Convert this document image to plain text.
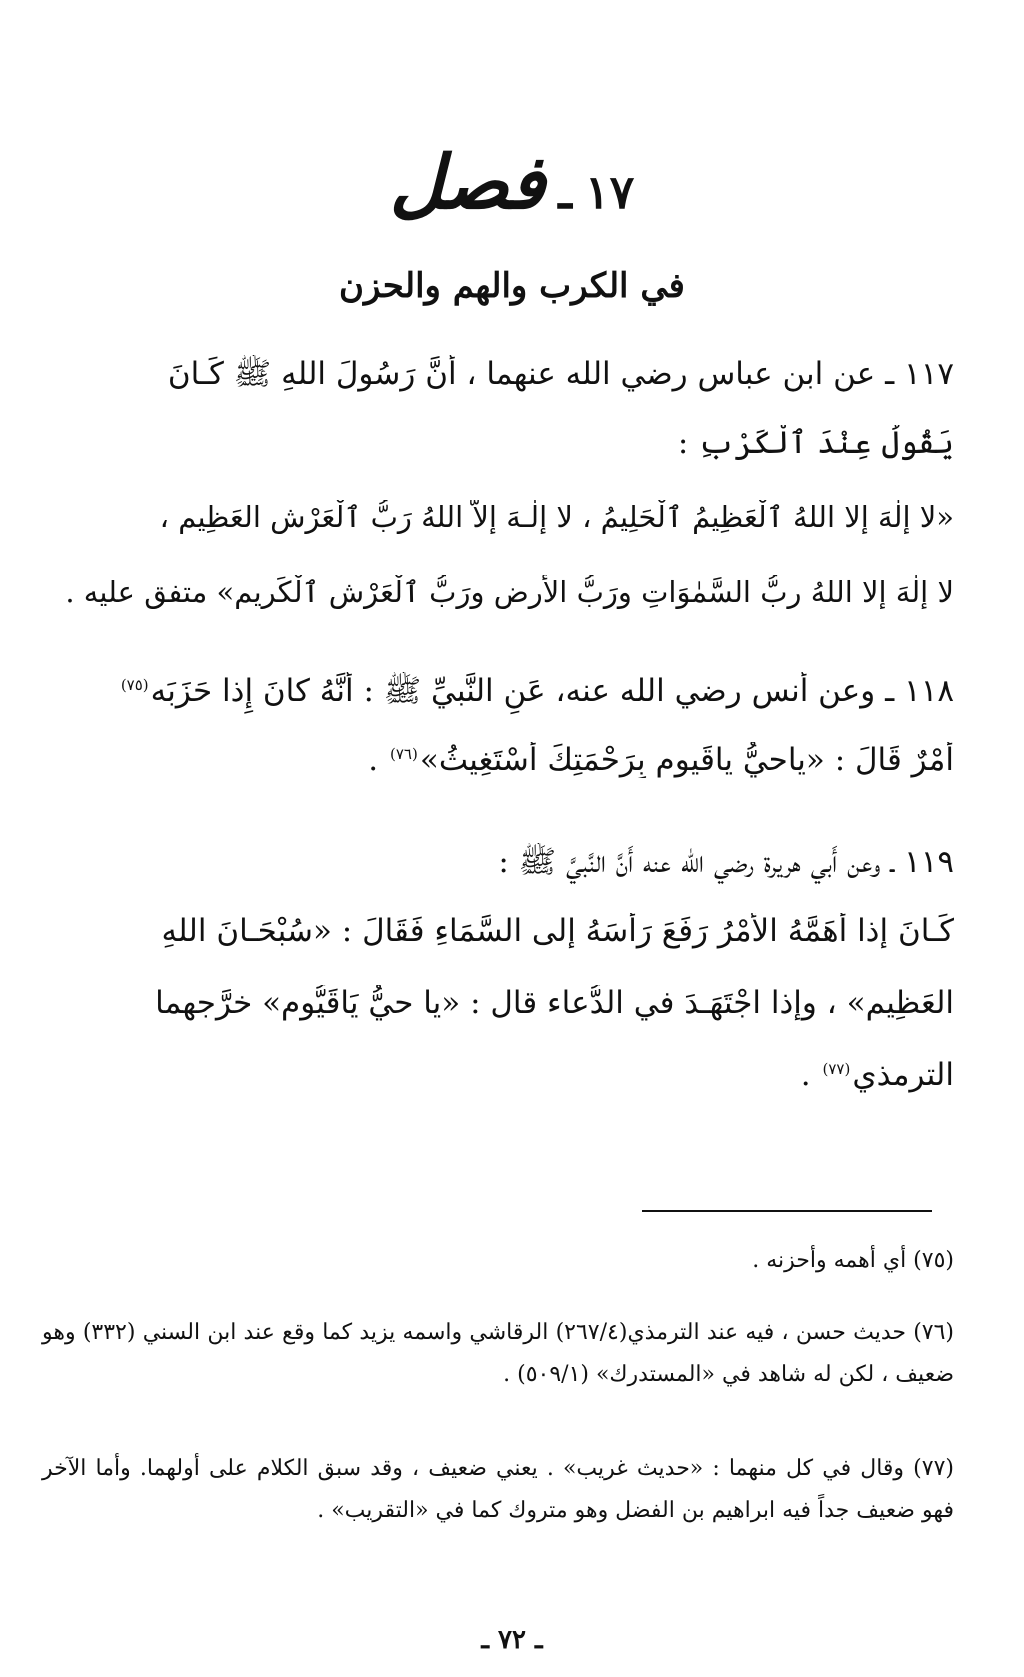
١٧ ـ فصل
في الكرب والهم والحزن
١١٧ ـ عن ابن عباس رضي الله عنهما ، أَنَّ رَسُولَ اللهِ ﷺ كَـانَ
يَقُولُ عِنْدَ ٱلْكَرْبِ :
«لا إِلٰهَ إِلا اللهُ ٱلْعَظِيمُ ٱلْحَلِيمُ ، لا إِلٰـهَ إِلاَّ اللهُ رَبُّ ٱلْعَرْشِ العَظِيمِ ،
لا إِلٰهَ إِلا اللهُ ربُّ السَّمٰوَاتِ ورَبُّ الأَرضِ ورَبُّ ٱلْعَرْشِ ٱلْكَرِيمِ» متفق عليه .
١١٨ ـ وعن أَنس رضي الله عنه، عَنِ النَّبيِّ ﷺ : أَنَّهُ كانَ إِذا حَزَبَه$^{(٧٥)}$
أَمْرٌ قَالَ : «ياحيُّ ياقَيوم بِرَحْمَتِكَ أَسْتَغِيثُ»$^{(٧٦)}$ .
١١٩ ـ وعن أَبي هريرة رضي الله عنه أَنَّ النَّبيَّ ﷺ :
كَـانَ إِذا أَهَمَّهُ الأَمْرُ رَفَعَ رَأْسَهُ إِلى السَّمَاءِ فَقَالَ : «سُبْحَـانَ اللهِ
العَظِيمِ» ، وإِذا اجْتَهَـدَ في الدُّعاء قال : «يا حيُّ يَاقَيُّوم» خرَّجهما
الترمذي$^{(٧٧)}$ .
(٧٥) أي أهمه وأحزنه .
(٧٦) حديث حسن ، فيه عند الترمذي(٢٦٧/٤) الرقاشي واسمه يزيد كما وقع عند ابن السني (٣٣٢) وهو ضعيف ، لكن له شاهد في «المستدرك» (٥٠٩/١) .
(٧٧) وقال في كل منهما : «حديث غريب» . يعني ضعيف ، وقد سبق الكلام على أولهما. وأما الآخر فهو ضعيف جداً فيه ابراهيم بن الفضل وهو متروك كما في «التقريب» .
ـ ٧٢ ـ
